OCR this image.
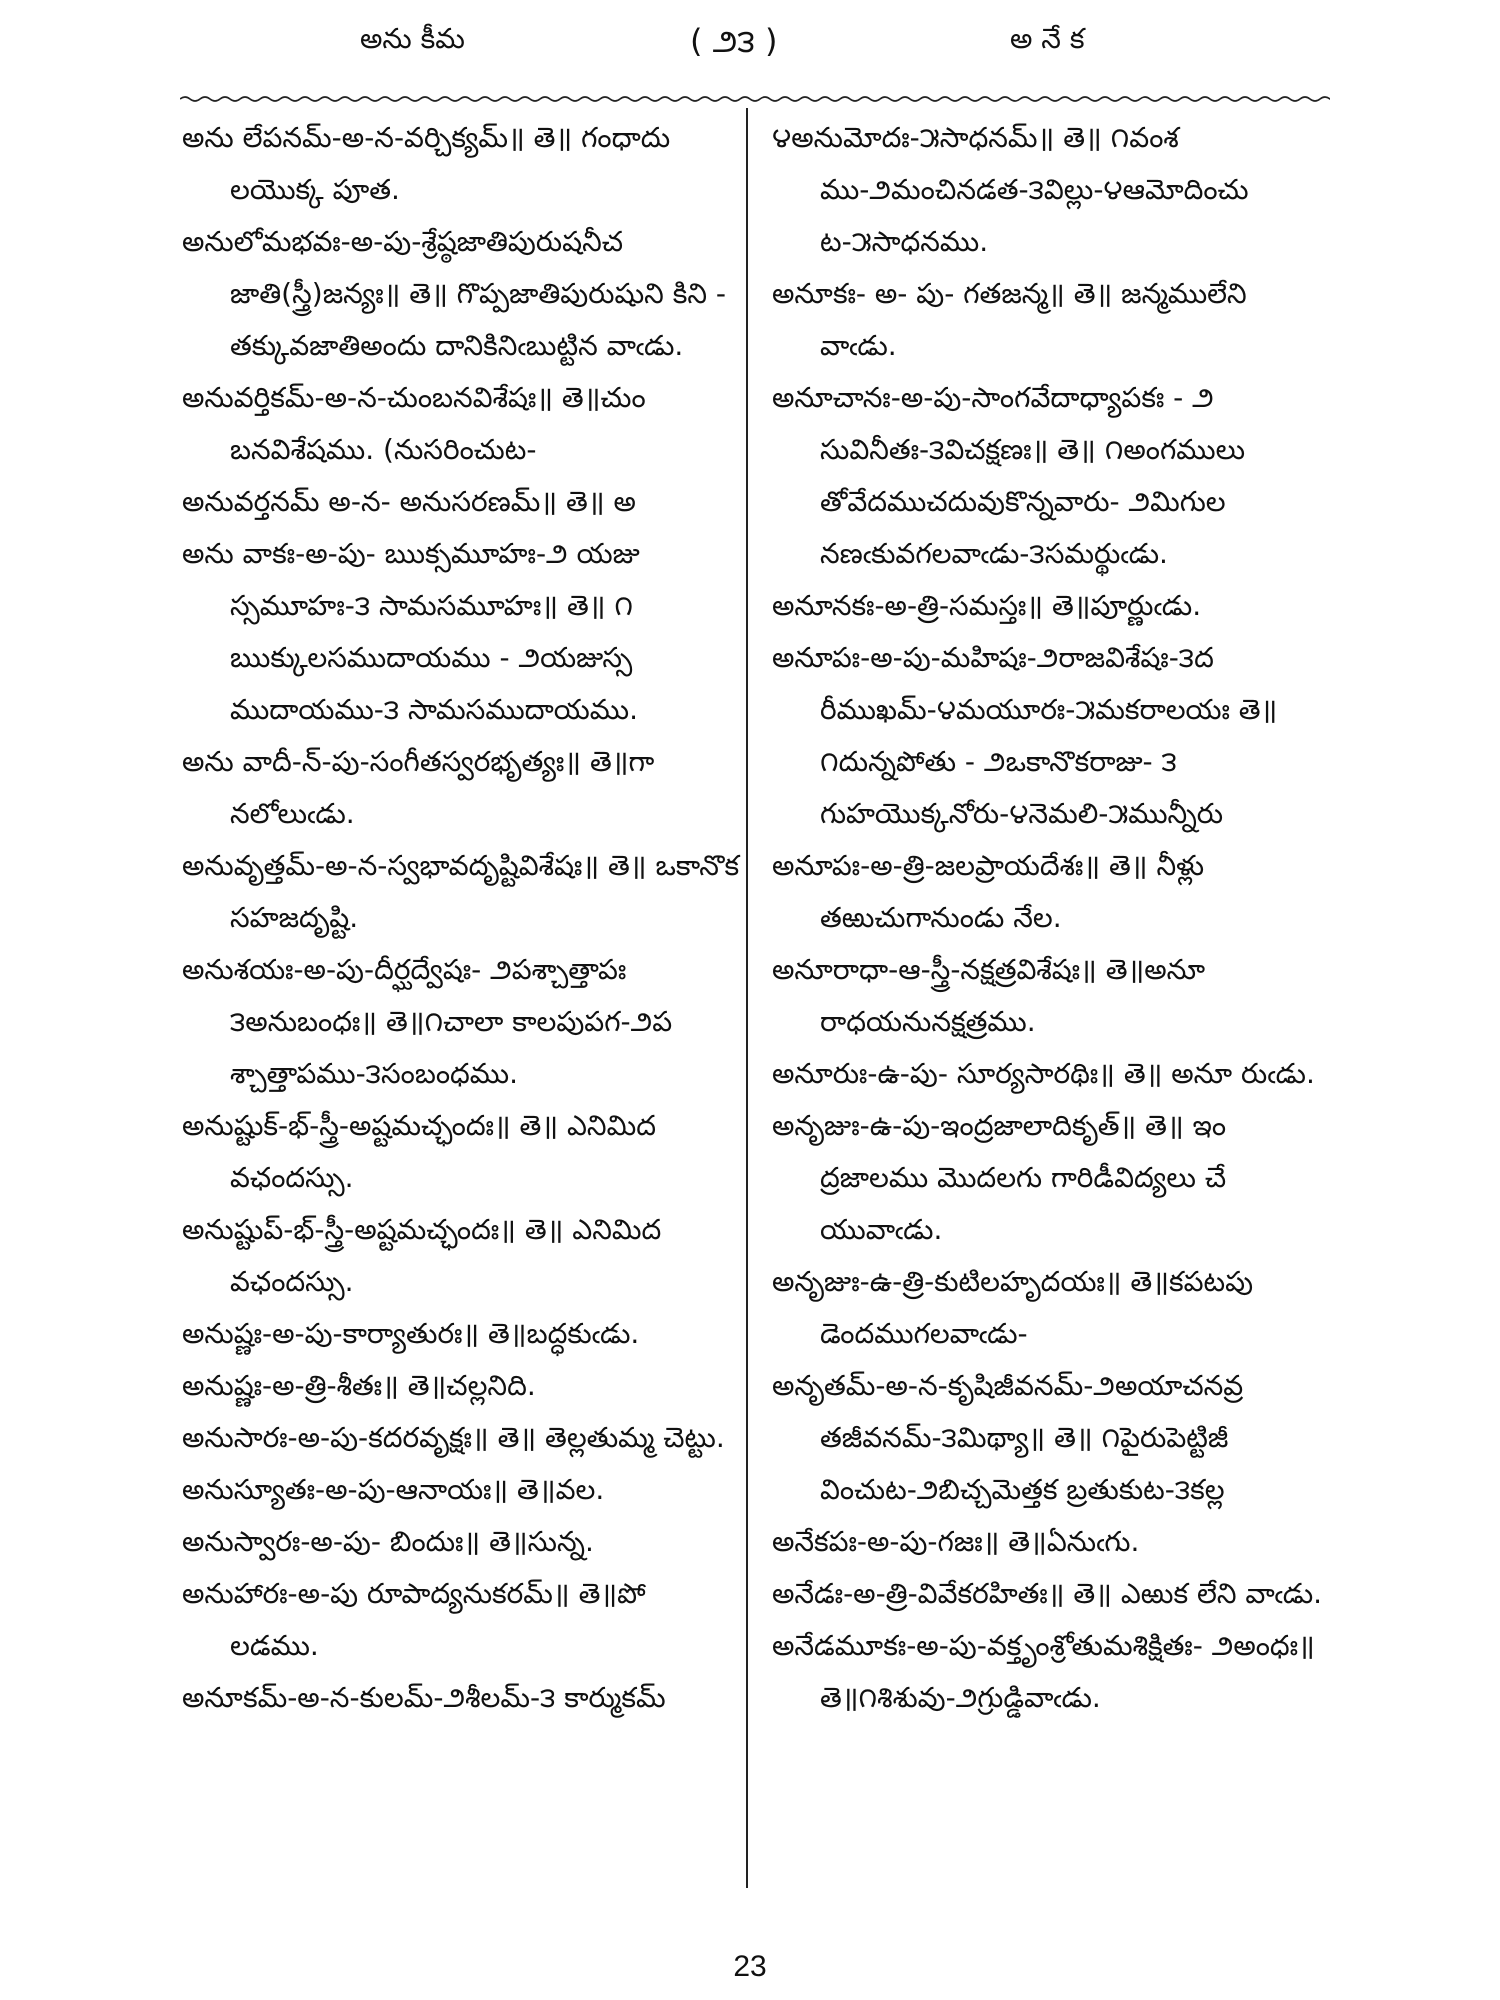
అను కీమ	( ౨౩ )	అ నే క
అను లేపనమ్-అ-న-వర్చిక్యమ్॥ తె॥ గంధాదు లయొక్క పూత.
అనులోమభవః-అ-పు-శ్రేష్ఠజాతిపురుషనీచ జాతి(స్త్రీ)జన్యః॥ తె॥ గొప్పజాతిపురుషుని కిని - తక్కువజాతిఅందు దానికినిఁబుట్టిన వాఁడు.
అనువర్తికమ్-అ-న-చుంబనవిశేషః॥ తె॥చుం బనవిశేషము. (నుసరించుట-
అనువర్తనమ్ అ-న- అనుసరణమ్॥ తె॥ అ
అను వాకః-అ-పు- ఋక్సమూహః-౨ యజు స్సమూహః-౩ సామసమూహః॥ తె॥ ౧ ఋక్కులసముదాయము - ౨యజుస్స ముదాయము-౩ సామసముదాయము.
అను వాదీ-న్-పు-సంగీతస్వరభృత్యః॥ తె॥గా నలోలుఁడు.
అనువృత్తమ్-అ-న-స్వభావదృష్టివిశేషః॥ తె॥ ఒకానొక సహజదృష్టి.
అనుశయః-అ-పు-దీర్ఘద్వేషః- ౨పశ్చాత్తాపః ౩అనుబంధః॥ తె॥౧చాలా కాలపుపగ-౨ప శ్చాత్తాపము-౩సంబంధము.
అనుష్టుక్-భ్-స్త్రీ-అష్టమచ్ఛందః॥ తె॥ ఎనిమిద వఛందస్సు.
అనుష్టుప్-భ్-స్త్రీ-అష్టమచ్ఛందః॥ తె॥ ఎనిమిద వఛందస్సు.
అనుష్ణః-అ-పు-కార్యాతురః॥ తె॥బద్ధకుఁడు.
అనుష్ణః-అ-త్రి-శీతః॥ తె॥చల్లనిది.
అనుసారః-అ-పు-కదరవృక్షః॥ తె॥ తెల్లతుమ్మ చెట్టు.
అనుస్యూతః-అ-పు-ఆనాయః॥ తె॥వల.
అనుస్వారః-అ-పు- బిందుః॥ తె॥సున్న.
అనుహారః-అ-పు రూపాద్యనుకరమ్॥ తె॥పో లడము.
అనూకమ్-అ-న-కులమ్-౨శీలమ్-౩ కార్ముకమ్
౪అనుమోదః-౫సాధనమ్॥ తె॥ ౧వంశ ము-౨మంచినడత-౩విల్లు-౪ఆమోదించు ట-౫సాధనము.
అనూకః- అ- పు- గతజన్మ॥ తె॥ జన్మములేని వాఁడు.
అనూచానః-అ-పు-సాంగవేదాధ్యాపకః - ౨ సువినీతః-౩విచక్షణః॥ తె॥ ౧అంగములు తోవేదముచదువుకొన్నవారు- ౨మిగుల నణఁకువగలవాఁడు-౩సమర్థుఁడు.
అనూనకః-అ-త్రి-సమస్తః॥ తె॥పూర్ణుఁడు.
అనూపః-అ-పు-మహిషః-౨రాజవిశేషః-౩ద రీముఖమ్-౪మయూరః-౫మకరాలయః తె॥౧దున్నపోతు - ౨ఒకానొకరాజు- ౩ గుహయొక్కనోరు-౪నెమలి-౫మున్నీరు
అనూపః-అ-త్రి-జలప్రాయదేశః॥ తె॥ నీళ్లు తఱుచుగానుండు నేల.
అనూరాధా-ఆ-స్త్రీ-నక్షత్రవిశేషః॥ తె॥అనూ రాధయనునక్షత్రము.
అనూరుః-ఉ-పు- సూర్యసారథిః॥ తె॥ అనూ రుఁడు.
అనృజుః-ఉ-పు-ఇంద్రజాలాదికృత్॥ తె॥ ఇం ద్రజాలము మొదలగు గారిడీవిద్యలు చే యువాఁడు.
అనృజుః-ఉ-త్రి-కుటిలహృదయః॥ తె॥కపటపు డెందముగలవాఁడు-
అనృతమ్-అ-న-కృషిజీవనమ్-౨అయాచనవ్ర తజీవనమ్-౩మిథ్యా॥ తె॥ ౧పైరుపెట్టిజీ వించుట-౨బిచ్చమెత్తక బ్రతుకుట-౩కల్ల
అనేకపః-అ-పు-గజః॥ తె॥ఏనుఁగు.
అనేడః-అ-త్రి-వివేకరహితః॥ తె॥ ఎఱుక లేని వాఁడు.
అనేడమూకః-అ-పు-వక్తృంశ్రోతుమశిక్షితః- ౨అంధః॥ తె॥౧శిశువు-౨గ్రుడ్డివాఁడు.
23
